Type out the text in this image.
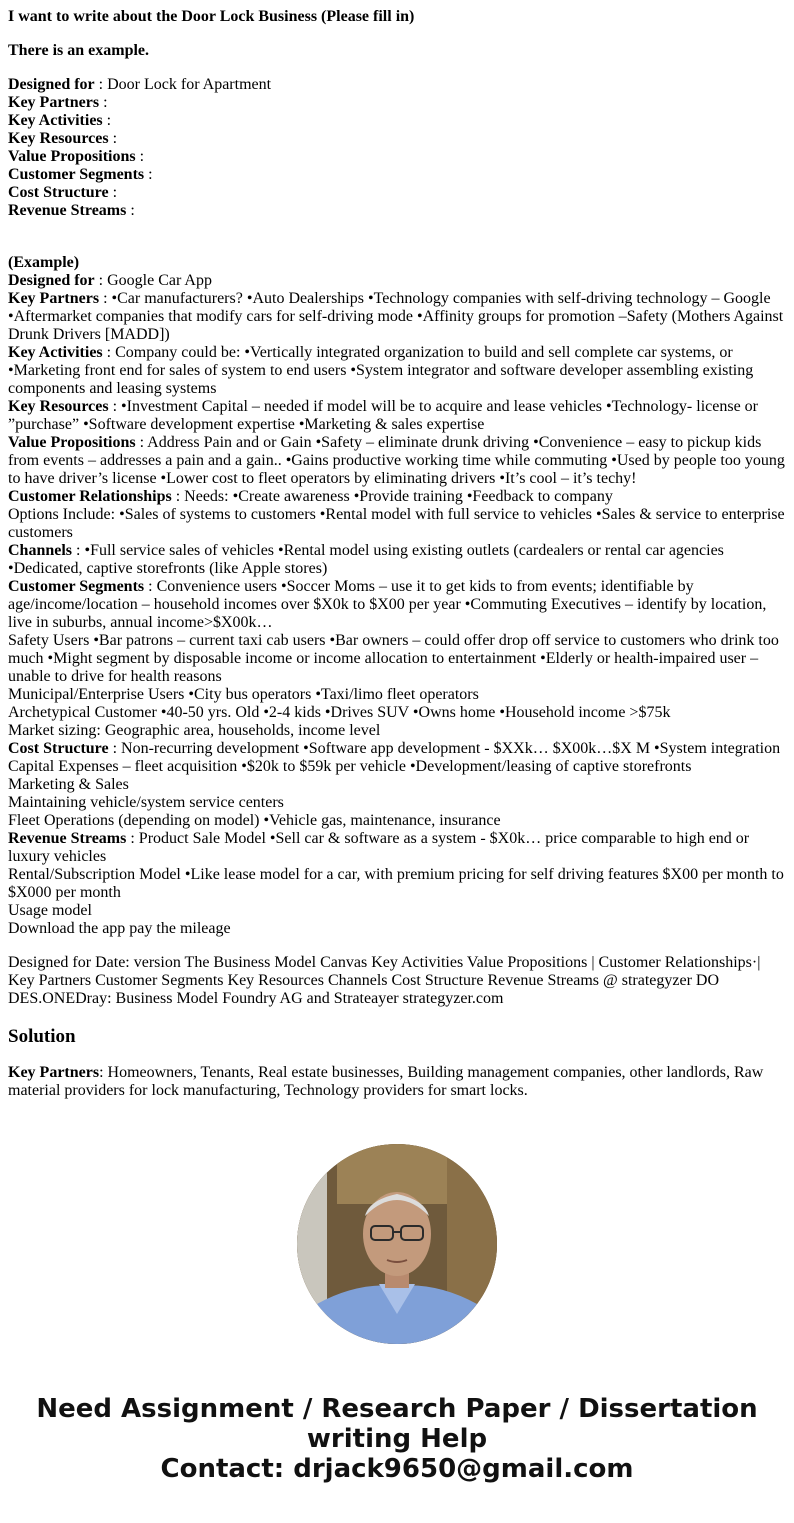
I want to write about the Door Lock Business (Please fill in)

There is an example.

Designed for : Door Lock for Apartment
Key Partners :
Key Activities :
Key Resources :
Value Propositions :
Customer Segments :
Cost Structure :
Revenue Streams :
(Example)
Designed for : Google Car App
Key Partners : •Car manufacturers? •Auto Dealerships •Technology companies with self-driving technology – Google •Aftermarket companies that modify cars for self-driving mode •Affinity groups for promotion –Safety (Mothers Against Drunk Drivers [MADD])
Key Activities : Company could be: •Vertically integrated organization to build and sell complete car systems, or •Marketing front end for sales of system to end users •System integrator and software developer assembling existing components and leasing systems
Key Resources : •Investment Capital – needed if model will be to acquire and lease vehicles •Technology- license or ”purchase” •Software development expertise •Marketing & sales expertise
Value Propositions : Address Pain and or Gain •Safety – eliminate drunk driving •Convenience – easy to pickup kids from events – addresses a pain and a gain.. •Gains productive working time while commuting •Used by people too young to have driver’s license •Lower cost to fleet operators by eliminating drivers •It’s cool – it’s techy!
Customer Relationships : Needs: •Create awareness •Provide training •Feedback to company
Options Include: •Sales of systems to customers •Rental model with full service to vehicles •Sales & service to enterprise customers
Channels : •Full service sales of vehicles •Rental model using existing outlets (cardealers or rental car agencies •Dedicated, captive storefronts (like Apple stores)
Customer Segments : Convenience users •Soccer Moms – use it to get kids to from events; identifiable by age/income/location – household incomes over $X0k to $X00 per year •Commuting Executives – identify by location, live in suburbs, annual income>$X00k…
Safety Users •Bar patrons – current taxi cab users •Bar owners – could offer drop off service to customers who drink too much •Might segment by disposable income or income allocation to entertainment •Elderly or health-impaired user – unable to drive for health reasons
Municipal/Enterprise Users •City bus operators •Taxi/limo fleet operators
Archetypical Customer •40-50 yrs. Old •2-4 kids •Drives SUV •Owns home •Household income >$75k
Market sizing: Geographic area, households, income level
Cost Structure : Non-recurring development •Software app development - $XXk… $X00k…$X M •System integration
Capital Expenses – fleet acquisition •$20k to $59k per vehicle •Development/leasing of captive storefronts
Marketing & Sales
Maintaining vehicle/system service centers
Fleet Operations (depending on model) •Vehicle gas, maintenance, insurance
Revenue Streams : Product Sale Model •Sell car & software as a system - $X0k… price comparable to high end or luxury vehicles
Rental/Subscription Model •Like lease model for a car, with premium pricing for self driving features $X00 per month to $X000 per month
Usage model
Download the app pay the mileage

Designed for Date: version The Business Model Canvas Key Activities Value Propositions | Customer Relationships·| Key Partners Customer Segments Key Resources Channels Cost Structure Revenue Streams @ strategyzer DO DES.ONEDray: Business Model Foundry AG and Strateayer strategyzer.com

Solution

Key Partners: Homeowners, Tenants, Real estate businesses, Building management companies, other landlords, Raw material providers for lock manufacturing, Technology providers for smart locks.

Need Assignment / Research Paper / Dissertation writing Help
Contact: drjack9650@gmail.com
